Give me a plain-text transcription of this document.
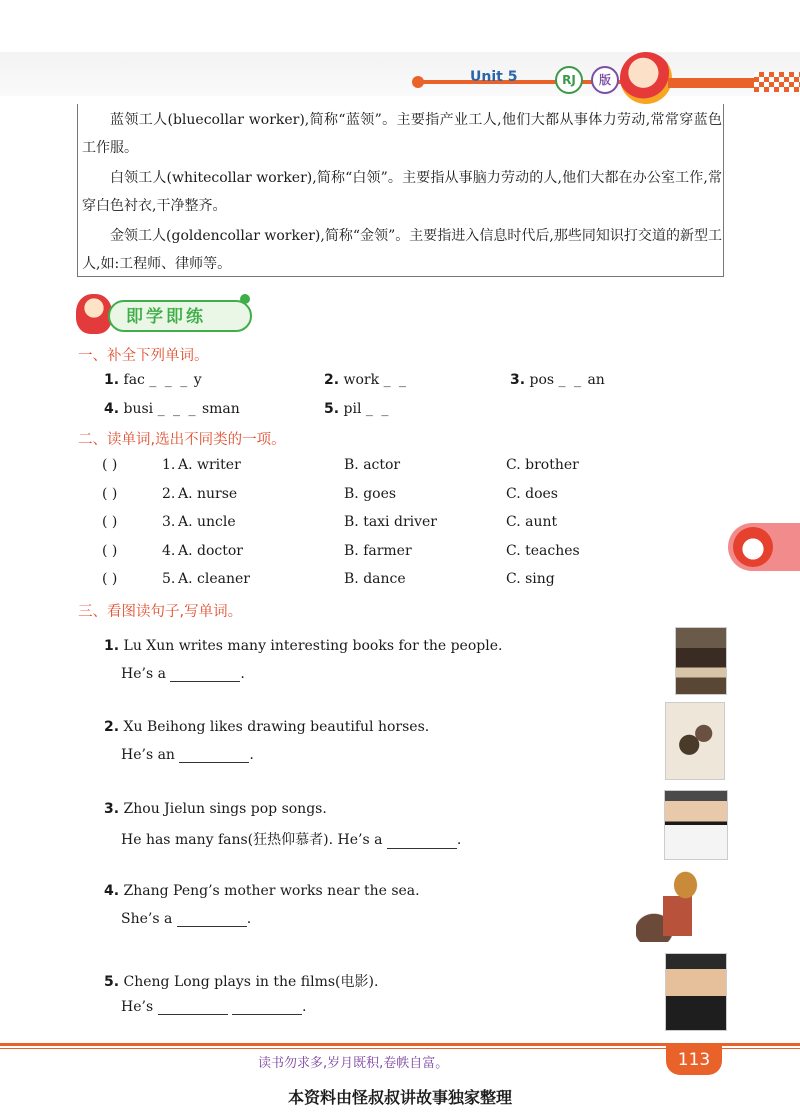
Unit 5	RJ	版

蓝领工人(bluecollar worker),简称“蓝领”。主要指产业工人,他们大都从事体力劳动,常常穿蓝色工作服。

白领工人(whitecollar worker),简称“白领”。主要指从事脑力劳动的人,他们大都在办公室工作,常穿白色衬衣,干净整齐。

金领工人(goldencollar worker),简称“金领”。主要指进入信息时代后,那些同知识打交道的新型工人,如:工程师、律师等。

即学即练
一、补全下列单词。
1. fac _ _ _ y	2. work _ _	3. pos _ _ an
4. busi _ _ _ sman	5. pil _ _
二、读单词,选出不同类的一项。
( )	1. A. writer	B. actor	C. brother
( )	2. A. nurse	B. goes	C. does
( )	3. A. uncle	B. taxi driver	C. aunt
( )	4. A. doctor	B. farmer	C. teaches
( )	5. A. cleaner	B. dance	C. sing
三、看图读句子,写单词。
1. Lu Xun writes many interesting books for the people.
He’s a	.
2. Xu Beihong likes drawing beautiful horses.
He’s an	.
3. Zhou Jielun sings pop songs.
He has many fans(狂热仰慕者). He’s a	.
4. Zhang Peng’s mother works near the sea.
She’s a	.
5. Cheng Long plays in the films(电影).
He’s	.
读书勿求多,岁月既积,卷帙自富。	113
本资料由怪叔叔讲故事独家整理
